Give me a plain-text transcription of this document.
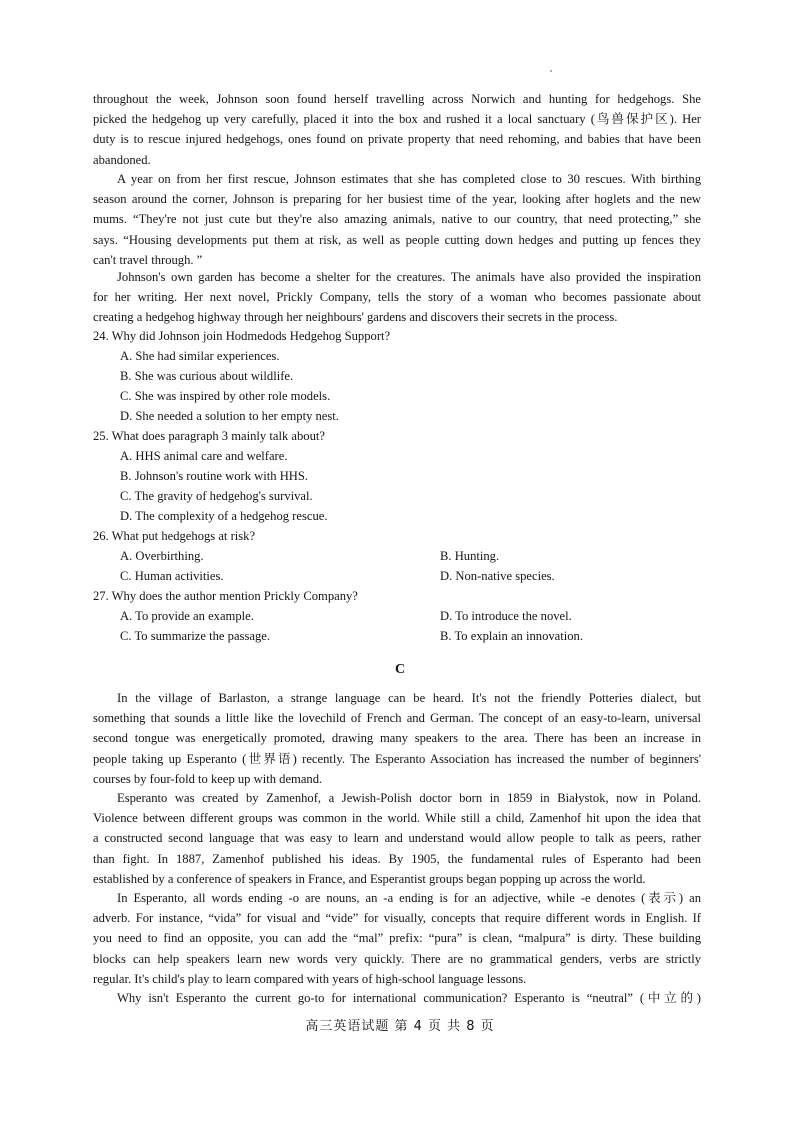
throughout the week, Johnson soon found herself travelling across Norwich and hunting for hedgehogs. She
picked the hedgehog up very carefully, placed it into the box and rushed it a local sanctuary (鸟兽保护区). Her
duty is to rescue injured hedgehogs, ones found on private property that need rehoming, and babies that have been
abandoned.
A year on from her first rescue, Johnson estimates that she has completed close to 30 rescues. With birthing
season around the corner, Johnson is preparing for her busiest time of the year, looking after hoglets and the new
mums. “They're not just cute but they're also amazing animals, native to our country, that need protecting,” she
says. “Housing developments put them at risk, as well as people cutting down hedges and putting up fences they
can't travel through. ”
Johnson's own garden has become a shelter for the creatures. The animals have also provided the inspiration
for her writing. Her next novel, Prickly Company, tells the story of a woman who becomes passionate about
creating a hedgehog highway through her neighbours' gardens and discovers their secrets in the process.
24. Why did Johnson join Hodmedods Hedgehog Support?
A. She had similar experiences.
B. She was curious about wildlife.
C. She was inspired by other role models.
D. She needed a solution to her empty nest.
25. What does paragraph 3 mainly talk about?
A. HHS animal care and welfare.
B. Johnson's routine work with HHS.
C. The gravity of hedgehog's survival.
D. The complexity of a hedgehog rescue.
26. What put hedgehogs at risk?
A. Overbirthing.	B. Hunting.
C. Human activities.	D. Non-native species.
27. Why does the author mention Prickly Company?
A. To provide an example.	D. To introduce the novel.
C. To summarize the passage.	B. To explain an innovation.
C
In the village of Barlaston, a strange language can be heard. It's not the friendly Potteries dialect, but
something that sounds a little like the lovechild of French and German. The concept of an easy-to-learn, universal
second tongue was energetically promoted, drawing many speakers to the area. There has been an increase in
people taking up Esperanto (世界语) recently. The Esperanto Association has increased the number of beginners'
courses by four-fold to keep up with demand.
Esperanto was created by Zamenhof, a Jewish-Polish doctor born in 1859 in Białystok, now in Poland.
Violence between different groups was common in the world. While still a child, Zamenhof hit upon the idea that
a constructed second language that was easy to learn and understand would allow people to talk as peers, rather
than fight. In 1887, Zamenhof published his ideas. By 1905, the fundamental rules of Esperanto had been
established by a conference of speakers in France, and Esperantist groups began popping up across the world.
In Esperanto, all words ending -o are nouns, an -a ending is for an adjective, while -e denotes (表示) an
adverb. For instance, “vida” for visual and “vide” for visually, concepts that require different words in English. If
you need to find an opposite, you can add the “mal” prefix: “pura” is clean, “malpura” is dirty. These building
blocks can help speakers learn new words very quickly. There are no grammatical genders, verbs are strictly
regular. It's child's play to learn compared with years of high-school language lessons.
Why isn't Esperanto the current go-to for international communication? Esperanto is “neutral” (中立的)
高三英语试题 第 4 页 共 8 页
